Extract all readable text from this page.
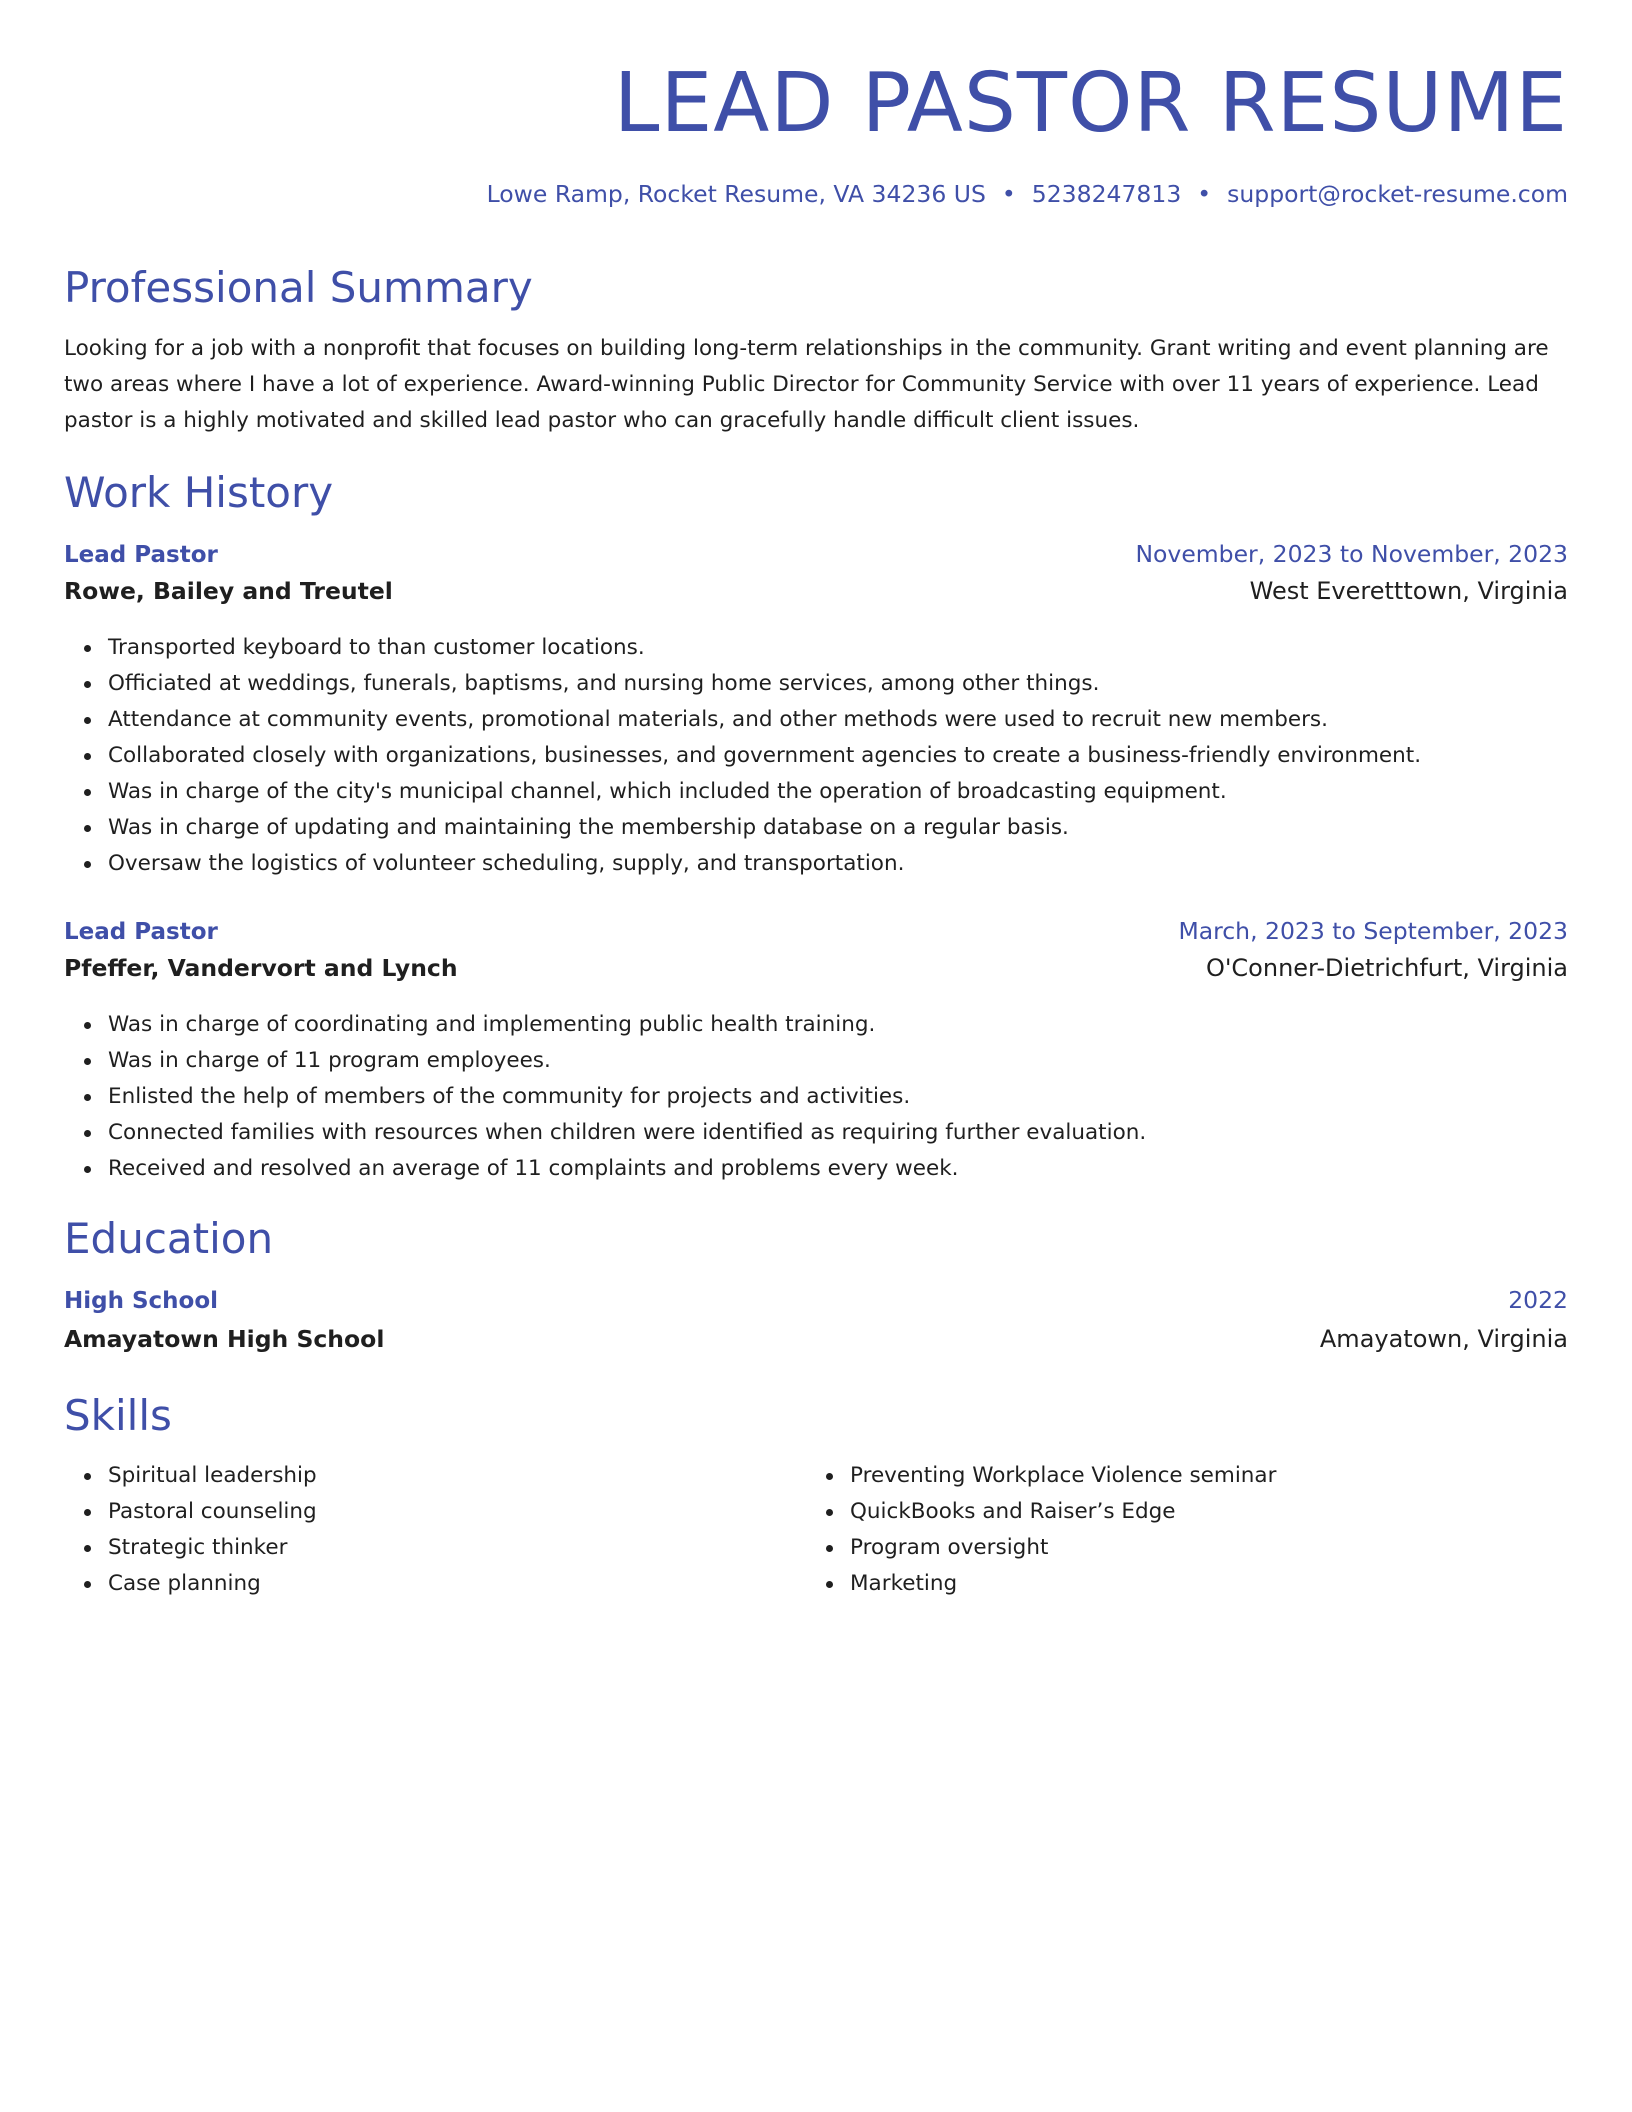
LEAD PASTOR RESUME
Lowe Ramp, Rocket Resume, VA 34236 US • 5238247813 • support@rocket-resume.com
Professional Summary

Looking for a job with a nonprofit that focuses on building long-term relationships in the community. Grant writing and event planning are two areas where I have a lot of experience. Award-winning Public Director for Community Service with over 11 years of experience. Lead pastor is a highly motivated and skilled lead pastor who can gracefully handle difficult client issues.

Work History
Lead Pastor	November, 2023 to November, 2023
Rowe, Bailey and Treutel	West Everetttown, Virginia
Transported keyboard to than customer locations.
Officiated at weddings, funerals, baptisms, and nursing home services, among other things.
Attendance at community events, promotional materials, and other methods were used to recruit new members.
Collaborated closely with organizations, businesses, and government agencies to create a business-friendly environment.
Was in charge of the city's municipal channel, which included the operation of broadcasting equipment.
Was in charge of updating and maintaining the membership database on a regular basis.
Oversaw the logistics of volunteer scheduling, supply, and transportation.
Lead Pastor	March, 2023 to September, 2023
Pfeffer, Vandervort and Lynch	O'Conner-Dietrichfurt, Virginia
Was in charge of coordinating and implementing public health training.
Was in charge of 11 program employees.
Enlisted the help of members of the community for projects and activities.
Connected families with resources when children were identified as requiring further evaluation.
Received and resolved an average of 11 complaints and problems every week.
Education
High School	2022
Amayatown High School	Amayatown, Virginia
Skills
Spiritual leadership
Pastoral counseling
Strategic thinker
Case planning
Preventing Workplace Violence seminar
QuickBooks and Raiser’s Edge
Program oversight
Marketing
